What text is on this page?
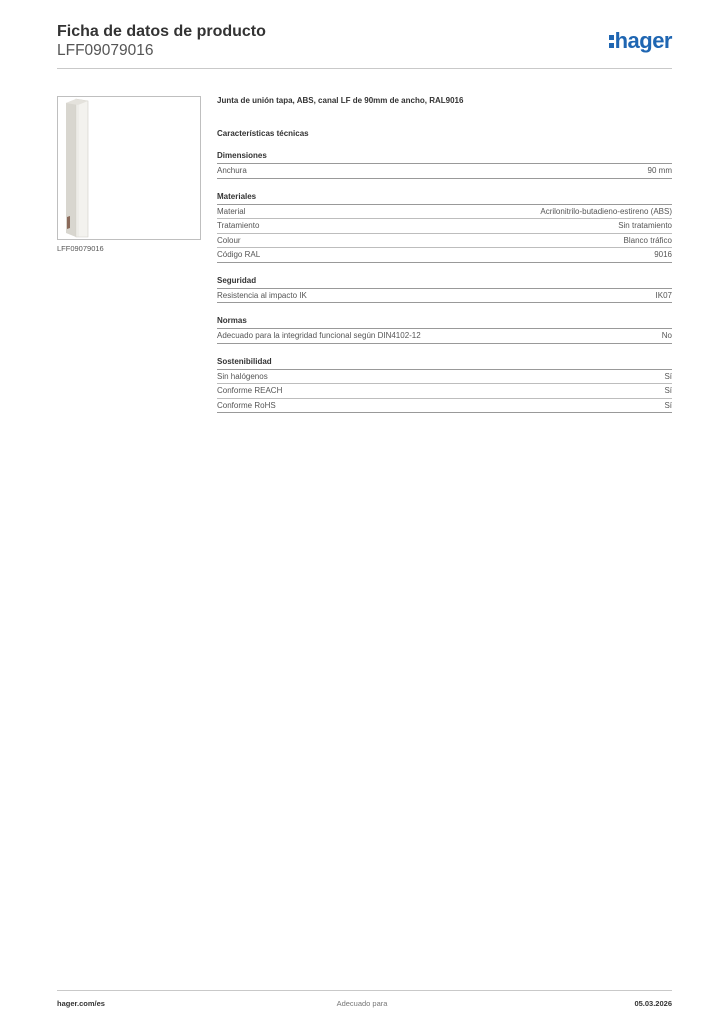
Ficha de datos de producto
LFF09079016	hager
LFF09079016
Junta de unión tapa, ABS, canal LF de 90mm de ancho, RAL9016
Características técnicas
Dimensiones
Anchura	90 mm
Materiales
Material	Acrilonitrilo-butadieno-estireno (ABS)
Tratamiento	Sin tratamiento
Colour	Blanco tráfico
Código RAL	9016
Seguridad
Resistencia al impacto IK	IK07
Normas
Adecuado para la integridad funcional según DIN4102-12	No
Sostenibilidad
Sin halógenos	Sí
Conforme REACH	Sí
Conforme RoHS	Sí
hager.com/es	Adecuado para	05.03.2026
